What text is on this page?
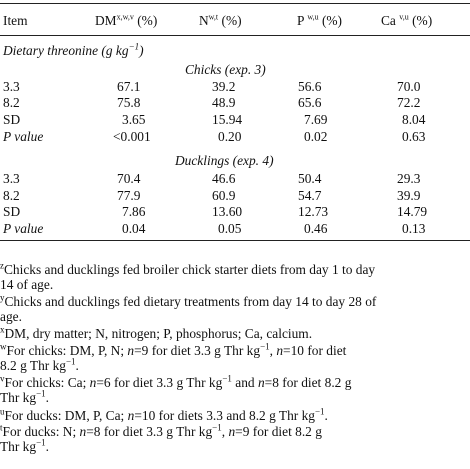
Item	DM$^{x,w,v}$ (%)	N$^{w,t}$ (%)	P $^{w,u}$ (%)	Ca $^{v,u}$ (%)
Dietary threonine (g $kg^{-1}$)
Chicks (exp. 3)
3.3	67.1	39.2	56.6	70.0
8.2	75.8	48.9	65.6	72.2
SD	3.65	15.94	7.69	8.04
P value	<0.001	0.20	0.02	0.63
Ducklings (exp. 4)
3.3	70.4	46.6	50.4	29.3
8.2	77.9	60.9	54.7	39.9
SD	7.86	13.60	12.73	14.79
P value	0.04	0.05	0.46	0.13
$^z$Chicks and ducklings fed broiler chick starter diets from day 1 to day
14 of age.
$^y$Chicks and ducklings fed dietary treatments from day 14 to day 28 of
age.
$^x$DM, dry matter; N, nitrogen; P, phosphorus; Ca, calcium.
$^w$For chicks: DM, P, N; n=9 for diet 3.3 g Thr $kg^{-1}$, n=10 for diet
8.2 g Thr $kg^{-1}$.
$^v$For chicks: Ca; n=6 for diet 3.3 g Thr $kg^{-1}$ and n=8 for diet 8.2 g
Thr $kg^{-1}$.
$^u$For ducks: DM, P, Ca; n=10 for diets 3.3 and 8.2 g Thr $kg^{-1}$.
$^t$For ducks: N; n=8 for diet 3.3 g Thr $kg^{-1}$, n=9 for diet 8.2 g
Thr $kg^{-1}$.
